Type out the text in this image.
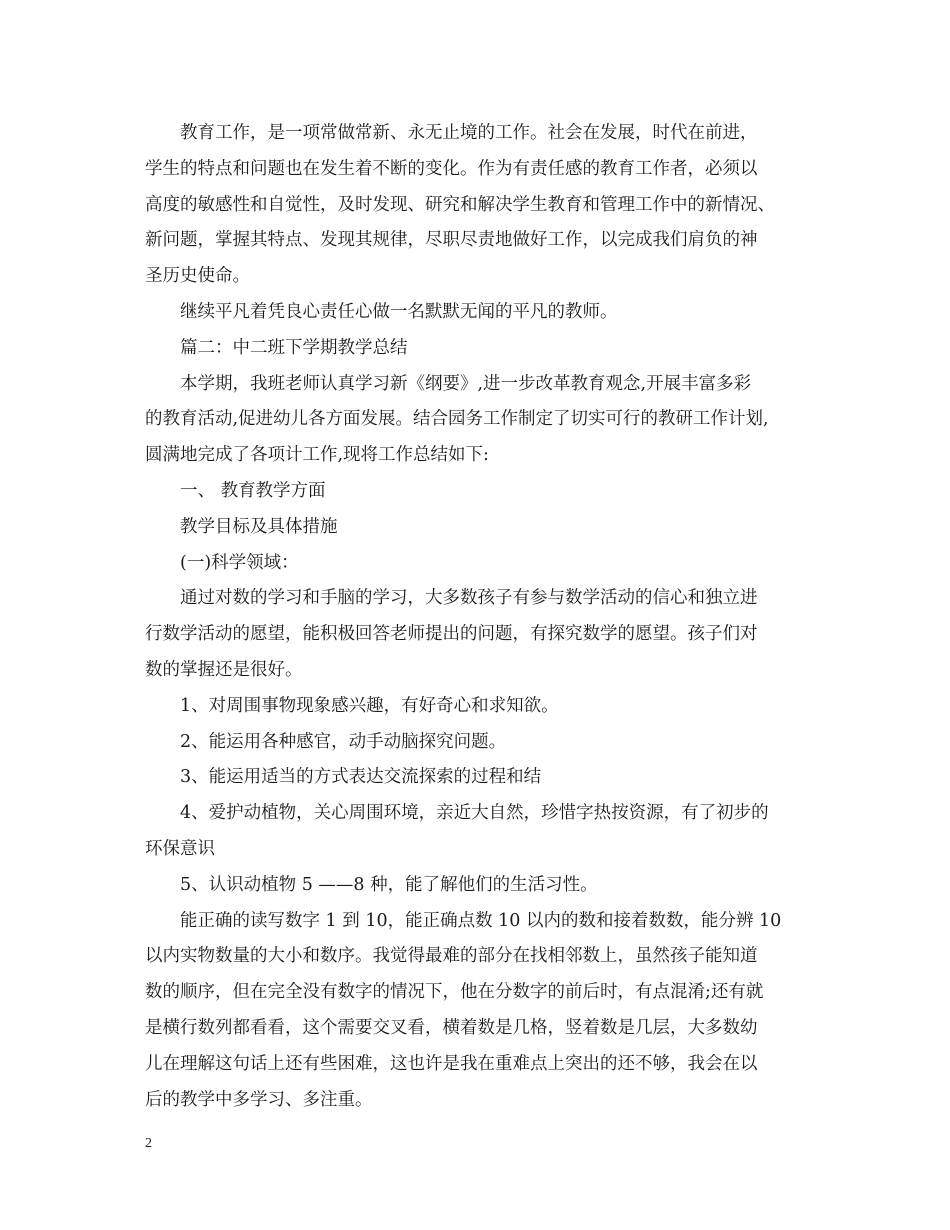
教育工作，是一项常做常新、永无止境的工作。社会在发展，时代在前进，
学生的特点和问题也在发生着不断的变化。作为有责任感的教育工作者，必须以
高度的敏感性和自觉性，及时发现、研究和解决学生教育和管理工作中的新情况、
新问题，掌握其特点、发现其规律，尽职尽责地做好工作，以完成我们肩负的神
圣历史使命。

继续平凡着凭良心责任心做一名默默无闻的平凡的教师。

篇二：中二班下学期教学总结

本学期，我班老师认真学习新《纲要》,进一步改革教育观念,开展丰富多彩
的教育活动,促进幼儿各方面发展。结合园务工作制定了切实可行的教研工作计划,
圆满地完成了各项计工作,现将工作总结如下:

一、 教育教学方面

教学目标及具体措施

(一)科学领域：

通过对数的学习和手脑的学习，大多数孩子有参与数学活动的信心和独立进
行数学活动的愿望，能积极回答老师提出的问题，有探究数学的愿望。孩子们对
数的掌握还是很好。

1、对周围事物现象感兴趣，有好奇心和求知欲。

2、能运用各种感官，动手动脑探究问题。

3、能运用适当的方式表达交流探索的过程和结

4、爱护动植物，关心周围环境，亲近大自然，珍惜字热按资源，有了初步的
环保意识

5、认识动植物 5 ——8 种，能了解他们的生活习性。

能正确的读写数字 1 到 10，能正确点数 10 以内的数和接着数数，能分辨 10
以内实物数量的大小和数序。我觉得最难的部分在找相邻数上，虽然孩子能知道
数的顺序，但在完全没有数字的情况下，他在分数字的前后时，有点混淆;还有就
是横行数列都看看，这个需要交叉看，横着数是几格，竖着数是几层，大多数幼
儿在理解这句话上还有些困难，这也许是我在重难点上突出的还不够，我会在以
后的教学中多学习、多注重。

2
